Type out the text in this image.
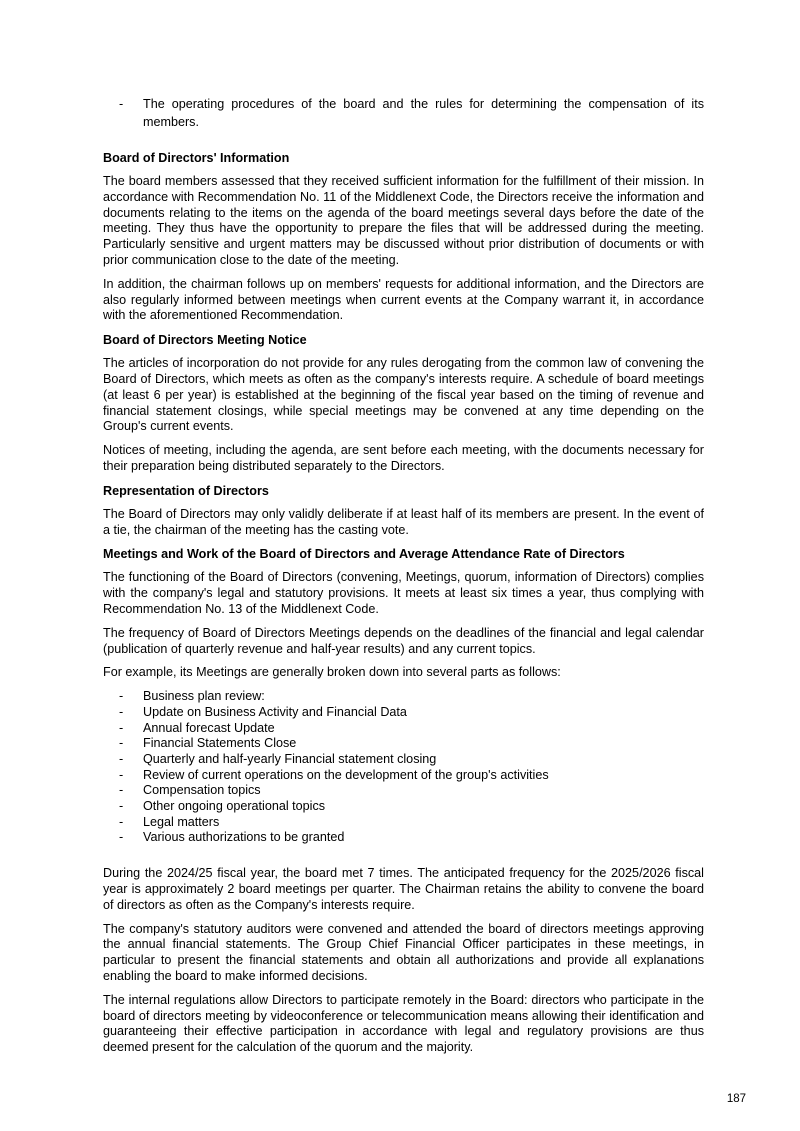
- The operating procedures of the board and the rules for determining the compensation of its members.
Board of Directors' Information

The board members assessed that they received sufficient information for the fulfillment of their mission. In accordance with Recommendation No. 11 of the Middlenext Code, the Directors receive the information and documents relating to the items on the agenda of the board meetings several days before the date of the meeting. They thus have the opportunity to prepare the files that will be addressed during the meeting. Particularly sensitive and urgent matters may be discussed without prior distribution of documents or with prior communication close to the date of the meeting.

In addition, the chairman follows up on members' requests for additional information, and the Directors are also regularly informed between meetings when current events at the Company warrant it, in accordance with the aforementioned Recommendation.

Board of Directors Meeting Notice

The articles of incorporation do not provide for any rules derogating from the common law of convening the Board of Directors, which meets as often as the company's interests require. A schedule of board meetings (at least 6 per year) is established at the beginning of the fiscal year based on the timing of revenue and financial statement closings, while special meetings may be convened at any time depending on the Group's current events.

Notices of meeting, including the agenda, are sent before each meeting, with the documents necessary for their preparation being distributed separately to the Directors.

Representation of Directors

The Board of Directors may only validly deliberate if at least half of its members are present. In the event of a tie, the chairman of the meeting has the casting vote.

Meetings and Work of the Board of Directors and Average Attendance Rate of Directors

The functioning of the Board of Directors (convening, Meetings, quorum, information of Directors) complies with the company's legal and statutory provisions. It meets at least six times a year, thus complying with Recommendation No. 13 of the Middlenext Code.

The frequency of Board of Directors Meetings depends on the deadlines of the financial and legal calendar (publication of quarterly revenue and half-year results) and any current topics.

For example, its Meetings are generally broken down into several parts as follows:

- Business plan review:
- Update on Business Activity and Financial Data
- Annual forecast Update
- Financial Statements Close
- Quarterly and half-yearly Financial statement closing
- Review of current operations on the development of the group's activities
- Compensation topics
- Other ongoing operational topics
- Legal matters
- Various authorizations to be granted

During the 2024/25 fiscal year, the board met 7 times. The anticipated frequency for the 2025/2026 fiscal year is approximately 2 board meetings per quarter. The Chairman retains the ability to convene the board of directors as often as the Company's interests require.

The company's statutory auditors were convened and attended the board of directors meetings approving the annual financial statements. The Group Chief Financial Officer participates in these meetings, in particular to present the financial statements and obtain all authorizations and provide all explanations enabling the board to make informed decisions.

The internal regulations allow Directors to participate remotely in the Board: directors who participate in the board of directors meeting by videoconference or telecommunication means allowing their identification and guaranteeing their effective participation in accordance with legal and regulatory provisions are thus deemed present for the calculation of the quorum and the majority.

187
